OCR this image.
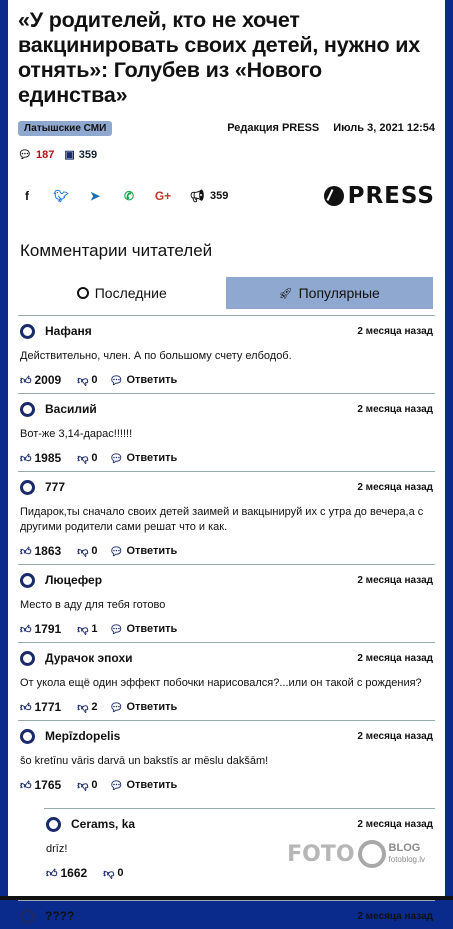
«У родителей, кто не хочет вакцинировать своих детей, нужно их отнять»: Голубев из «Нового единства»
Латышские СМИ	Редакция PRESS Июль 3, 2021 12:54
💬︎ 187 ▣ 359
f	🐦︎ ➤ ✆ G+ 📢︎ 359	PRESS
Комментарии читателей
Последние	🚀︎ Популярные
Нафаня	2 месяца назад
Действительно, член. А по большому счету елбодоб.
👍︎ 2009 👎︎ 0 💬︎ Ответить
Василий	2 месяца назад
Вот-же 3,14-дарас!!!!!!
👍︎ 1985 👎︎ 0 💬︎ Ответить
777	2 месяца назад
Пидарок,ты сначало своих детей заимей и вакцынируй их с утра до вечера,а с другими родители сами решат что и как.
👍︎ 1863 👎︎ 0 💬︎ Ответить
Люцефер	2 месяца назад
Место в аду для тебя готово
👍︎ 1791 👎︎ 1 💬︎ Ответить
Дурачок эпохи	2 месяца назад
От укола ещё один эффект побочки нарисовался?...или он такой с рождения?
👍︎ 1771 👎︎ 2 💬︎ Ответить
Mepīzdopelis	2 месяца назад
šo kretīnu vāris darvā un bakstīs ar mēslu dakšām!
👍︎ 1765 👎︎ 0 💬︎ Ответить
Cerams, ka	2 месяца назад
drīz!
👍︎ 1662 👎︎ 0
????	2 месяца назад
FOTO	BLOG
fotoblog.lv
